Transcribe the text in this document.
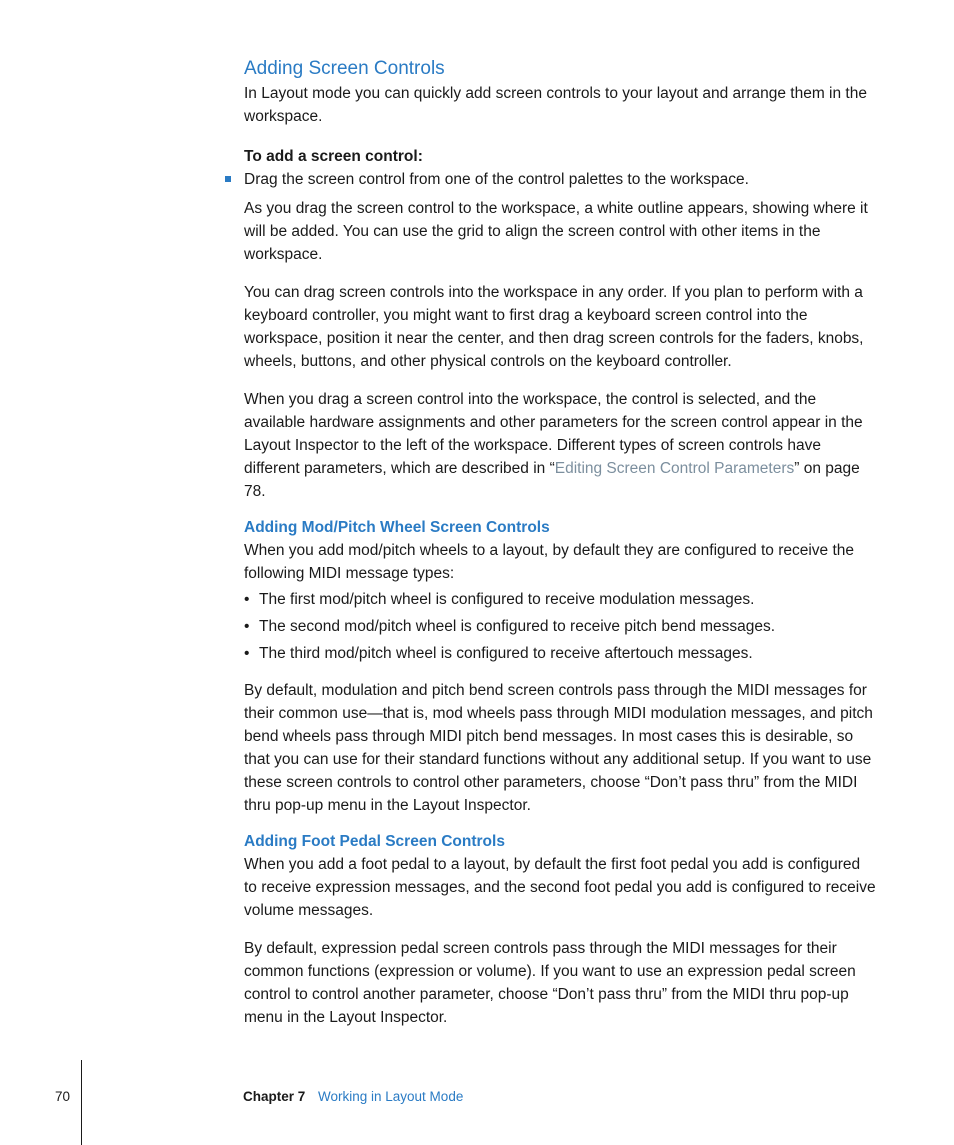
Adding Screen Controls

In Layout mode you can quickly add screen controls to your layout and arrange them in the workspace.

To add a screen control:
Drag the screen control from one of the control palettes to the workspace.

As you drag the screen control to the workspace, a white outline appears, showing where it will be added. You can use the grid to align the screen control with other items in the workspace.

You can drag screen controls into the workspace in any order. If you plan to perform with a keyboard controller, you might want to first drag a keyboard screen control into the workspace, position it near the center, and then drag screen controls for the faders, knobs, wheels, buttons, and other physical controls on the keyboard controller.

When you drag a screen control into the workspace, the control is selected, and the available hardware assignments and other parameters for the screen control appear in the Layout Inspector to the left of the workspace. Different types of screen controls have different parameters, which are described in “Editing Screen Control Parameters” on page 78.

Adding Mod/Pitch Wheel Screen Controls

When you add mod/pitch wheels to a layout, by default they are configured to receive the following MIDI message types:

• The first mod/pitch wheel is configured to receive modulation messages.
• The second mod/pitch wheel is configured to receive pitch bend messages.
• The third mod/pitch wheel is configured to receive aftertouch messages.

By default, modulation and pitch bend screen controls pass through the MIDI messages for their common use—that is, mod wheels pass through MIDI modulation messages, and pitch bend wheels pass through MIDI pitch bend messages. In most cases this is desirable, so that you can use for their standard functions without any additional setup. If you want to use these screen controls to control other parameters, choose “Don’t pass thru” from the MIDI thru pop-up menu in the Layout Inspector.

Adding Foot Pedal Screen Controls

When you add a foot pedal to a layout, by default the first foot pedal you add is configured to receive expression messages, and the second foot pedal you add is configured to receive volume messages.

By default, expression pedal screen controls pass through the MIDI messages for their common functions (expression or volume). If you want to use an expression pedal screen control to control another parameter, choose “Don’t pass thru” from the MIDI thru pop-up menu in the Layout Inspector.

70	Chapter 7 Working in Layout Mode
